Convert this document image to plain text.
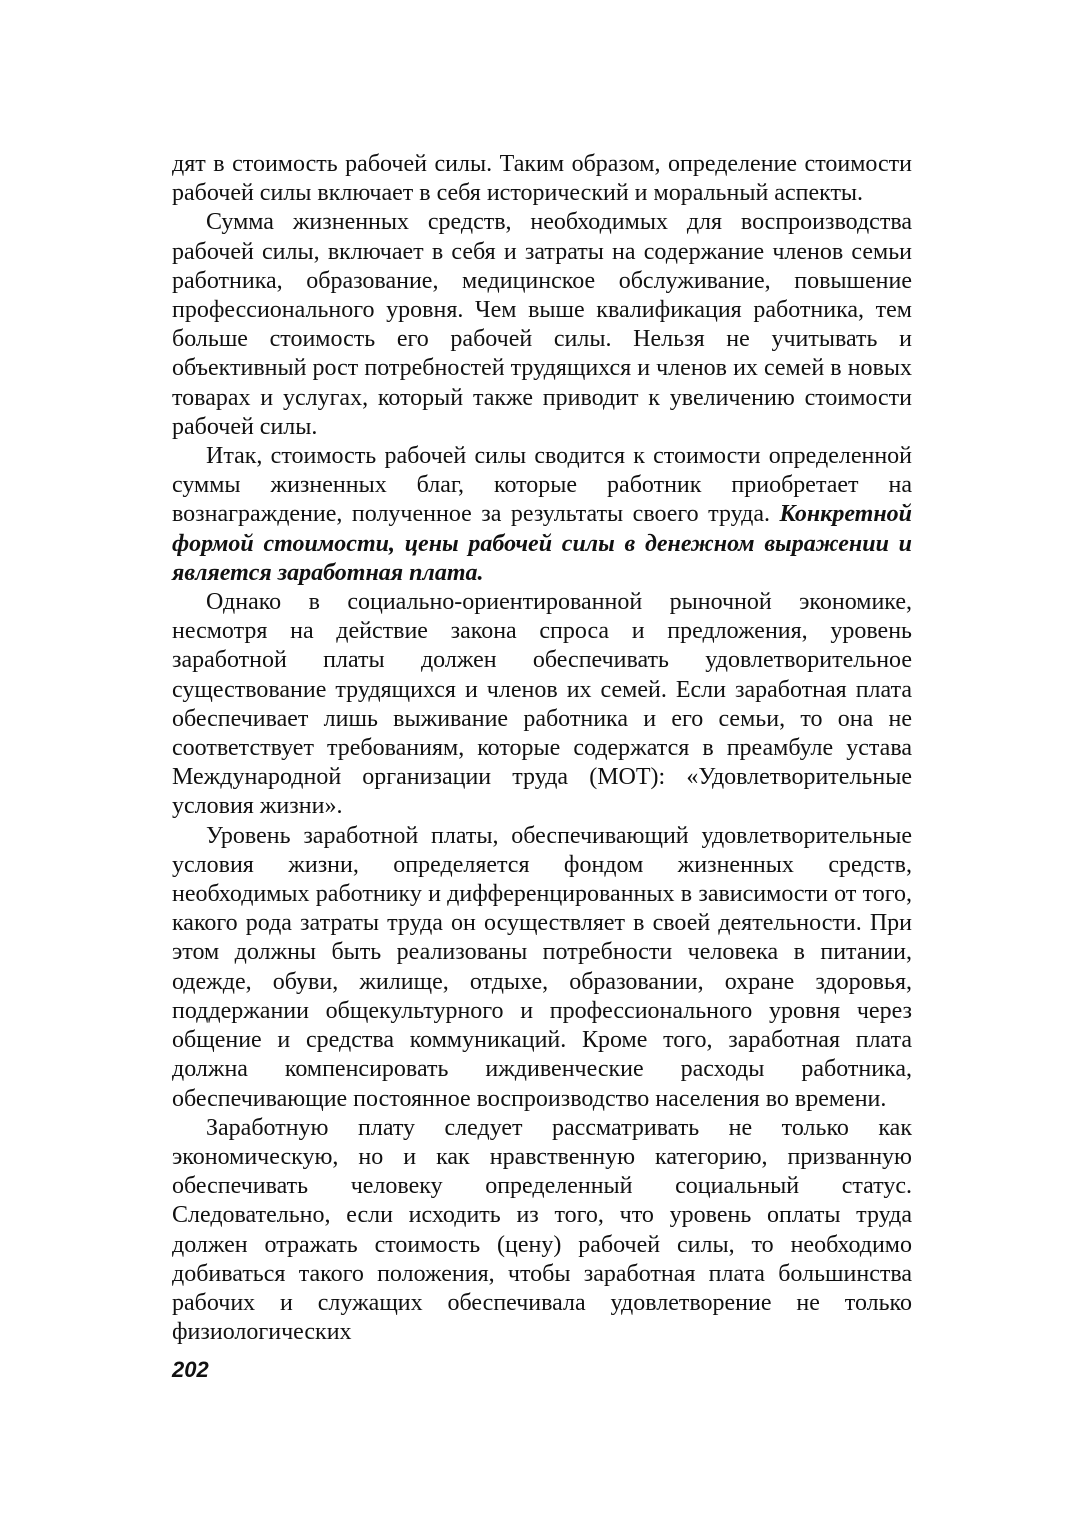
дят в стоимость рабочей силы. Таким образом, определение стоимости рабочей силы включает в себя исторический и моральный аспекты.

Сумма жизненных средств, необходимых для воспроизводства рабочей силы, включает в себя и затраты на содержание членов семьи работника, образование, медицинское обслуживание, повышение профессионального уровня. Чем выше квалификация работника, тем больше стоимость его рабочей силы. Нельзя не учитывать и объективный рост потребностей трудящихся и членов их семей в новых товарах и услугах, который также приводит к увеличению стоимости рабочей силы.

Итак, стоимость рабочей силы сводится к стоимости определенной суммы жизненных благ, которые работник приобретает на вознаграждение, полученное за результаты своего труда. Конкретной формой стоимости, цены рабочей силы в денежном выражении и является заработная плата.

Однако в социально-ориентированной рыночной экономике, несмотря на действие закона спроса и предложения, уровень заработной платы должен обеспечивать удовлетворительное существование трудящихся и членов их семей. Если заработная плата обеспечивает лишь выживание работника и его семьи, то она не соответствует требованиям, которые содержатся в преамбуле устава Международной организации труда (МОТ): «Удовлетворительные условия жизни».

Уровень заработной платы, обеспечивающий удовлетворительные условия жизни, определяется фондом жизненных средств, необходимых работнику и дифференцированных в зависимости от того, какого рода затраты труда он осуществляет в своей деятельности. При этом должны быть реализованы потребности человека в питании, одежде, обуви, жилище, отдыхе, образовании, охране здоровья, поддержании общекультурного и профессионального уровня через общение и средства коммуникаций. Кроме того, заработная плата должна компенсировать иждивенческие расходы работника, обеспечивающие постоянное воспроизводство населения во времени.

Заработную плату следует рассматривать не только как экономическую, но и как нравственную категорию, призванную обеспечивать человеку определенный социальный статус. Следовательно, если исходить из того, что уровень оплаты труда должен отражать стоимость (цену) рабочей силы, то необходимо добиваться такого положения, чтобы заработная плата большинства рабочих и служащих обеспечивала удовлетворение не только физиологических

202
